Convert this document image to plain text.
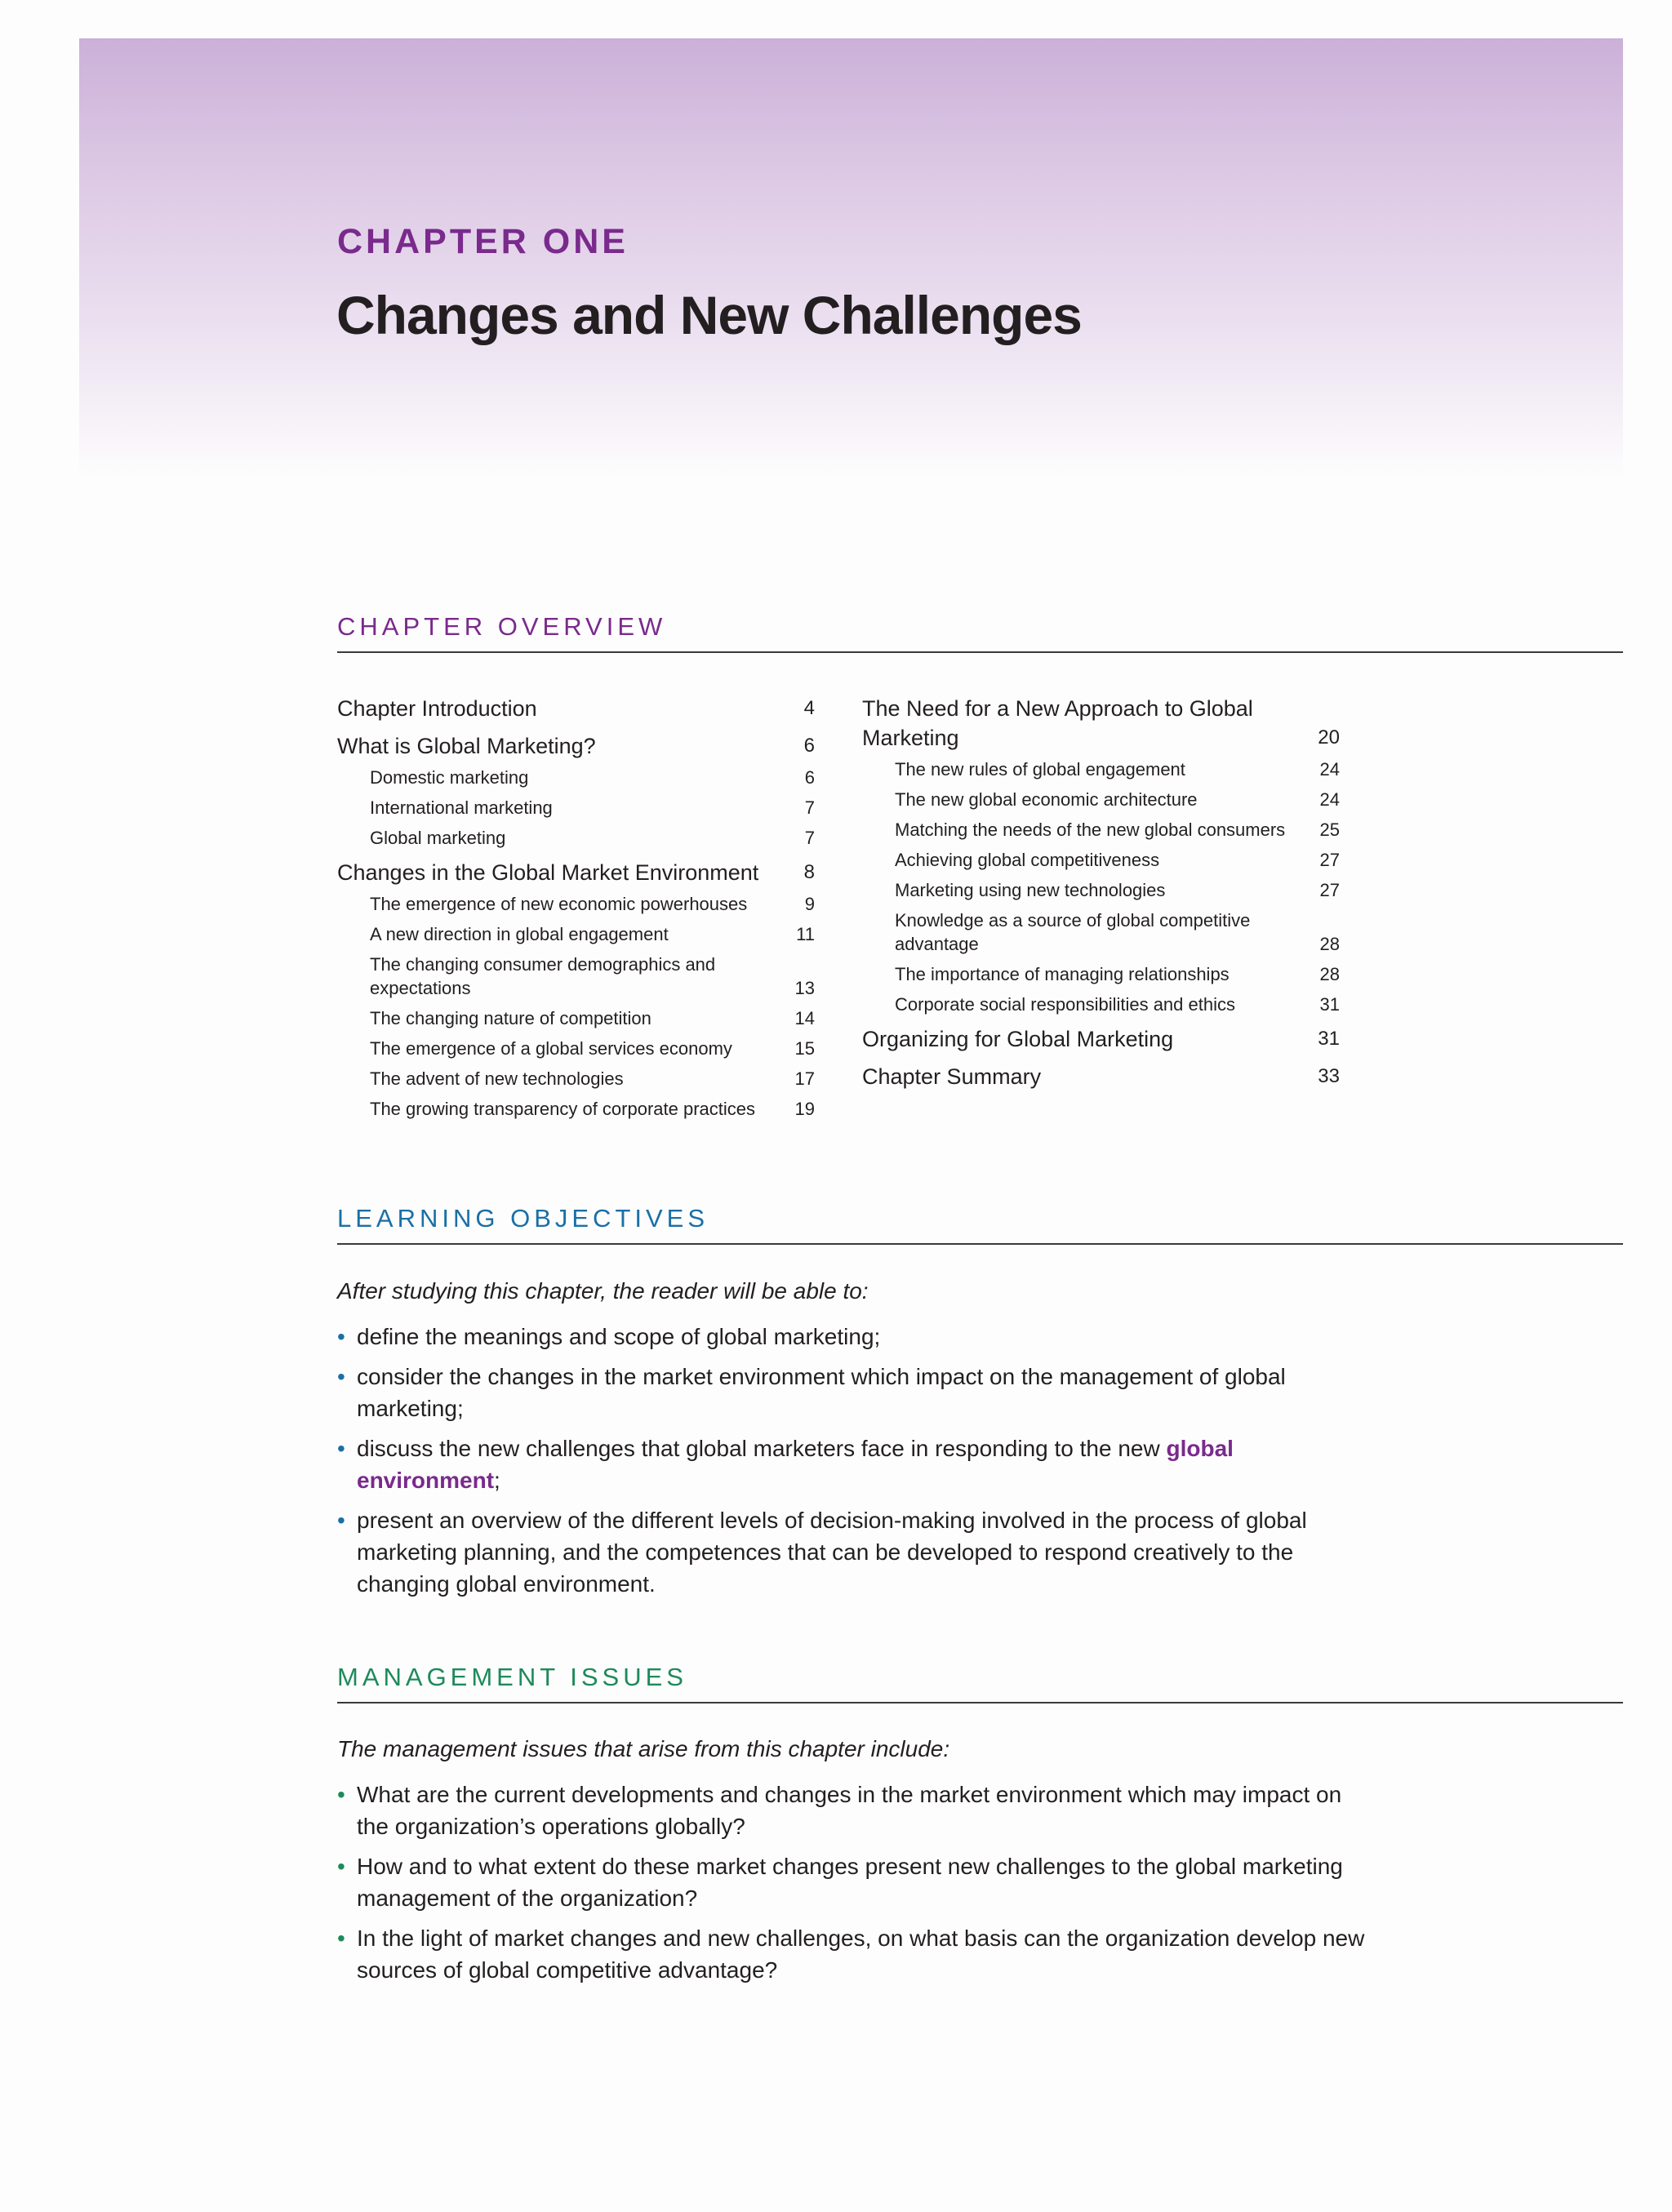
CHAPTER ONE
Changes and New Challenges
CHAPTER OVERVIEW
Chapter Introduction	4
What is Global Marketing?	6
Domestic marketing	6
International marketing	7
Global marketing	7
Changes in the Global Market Environment	8
The emergence of new economic powerhouses	9
A new direction in global engagement	11
The changing consumer demographics and expectations	13
The changing nature of competition	14
The emergence of a global services economy	15
The advent of new technologies	17
The growing transparency of corporate practices	19
The Need for a New Approach to Global Marketing	20
The new rules of global engagement	24
The new global economic architecture	24
Matching the needs of the new global consumers	25
Achieving global competitiveness	27
Marketing using new technologies	27
Knowledge as a source of global competitive advantage	28
The importance of managing relationships	28
Corporate social responsibilities and ethics	31
Organizing for Global Marketing	31
Chapter Summary	33
LEARNING OBJECTIVES
After studying this chapter, the reader will be able to:
• define the meanings and scope of global marketing;
• consider the changes in the market environment which impact on the management of global marketing;
• discuss the new challenges that global marketers face in responding to the new global environment;
• present an overview of the different levels of decision-making involved in the process of global marketing planning, and the competences that can be developed to respond creatively to the changing global environment.
MANAGEMENT ISSUES
The management issues that arise from this chapter include:
• What are the current developments and changes in the market environment which may impact on the organization’s operations globally?
• How and to what extent do these market changes present new challenges to the global marketing management of the organization?
• In the light of market changes and new challenges, on what basis can the organization develop new sources of global competitive advantage?
